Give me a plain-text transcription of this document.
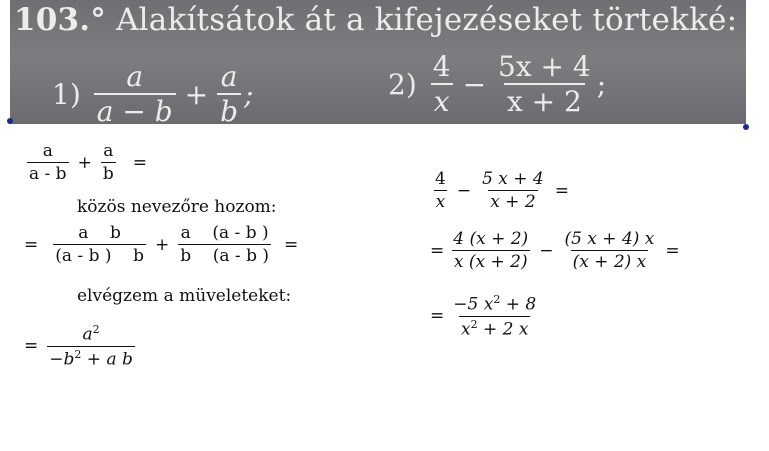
103.° Alakítsátok át a kifejezéseket törtekké:
$1) \frac{a}{a - b} + \frac{a}{b}$ ;	$2) \frac{4}{x} - \frac{5x + 4}{x + 2}$ ;
$\frac{a}{a - b} + \frac{a}{b}$ =
közös nevezőre hozom:
= $\frac{\text{a    b}}{(a - b ) b} + \frac{a (a - b )}{b (a - b )}$ =
elvégzem a müveleteket:
= $\frac{a^2}{-b^2 + a b}$
$\frac{4}{x} - \frac{5 x + 4}{x + 2}$ =
= $\frac{4 (x + 2)}{x (x + 2)} - \frac{(5 x + 4) x}{(x + 2) x}$ =
= $\frac{-5 x^2 + 8}{x^2 + 2 x}$
